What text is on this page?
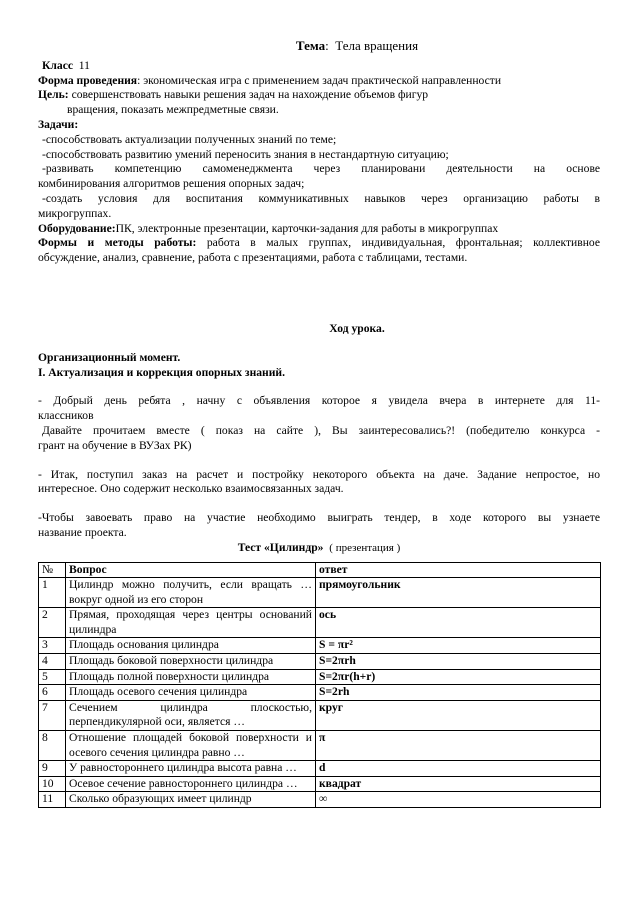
Тема: Тела вращения

Класс 11

Форма проведения: экономическая игра с применением задач практической направленности

Цель: совершенствовать навыки решения задач на нахождение объемов фигур

вращения, показать межпредметные связи.

Задачи:

-способствовать актуализации полученных знаний по теме;

-способствовать развитию умений переносить знания в нестандартную ситуацию;

-развивать компетенцию самоменеджмента через планировани деятельности на основе

комбинирования алгоритмов решения опорных задач;

-создать условия для воспитания коммуникативных навыков через организацию работы в

микрогруппах.

Оборудование:ПК, электронные презентации, карточки-задания для работы в микрогруппах

Формы и методы работы: работа в малых группах, индивидуальная, фронтальная; коллективное

обсуждение, анализ, сравнение, работа с презентациями, работа с таблицами, тестами.

Ход урока.

Организационный момент.

I. Актуализация и коррекция опорных знаний.

- Добрый день ребята , начну с объявления которое я увидела вчера в интернете для 11-

классников

Давайте прочитаем вместе ( показ на сайте ), Вы заинтересовались?! (победителю конкурса -

грант на обучение в ВУЗах РК)

- Итак, поступил заказ на расчет и постройку некоторого объекта на даче. Задание непростое, но

интересное. Оно содержит несколько взаимосвязанных задач.

-Чтобы завоевать право на участие необходимо выиграть тендер, в ходе которого вы узнаете

название проекта.

Тест «Цилиндр» ( презентация )

№	Вопрос	ответ
1	Цилиндр можно получить, если вращать … вокруг одной из его сторон	прямоугольник
2	Прямая, проходящая через центры оснований цилиндра	ось
3	Площадь основания цилиндра	S = πr²
4	Площадь боковой поверхности цилиндра	S=2πrh
5	Площадь полной поверхности цилиндра	S=2πr(h+r)
6	Площадь осевого сечения цилиндра	S=2rh
7	Сечением цилиндра плоскостью, перпендикулярной оси, является …	круг
8	Отношение площадей боковой поверхности и осевого сечения цилиндра равно …	π
9	У равностороннего цилиндра высота равна …	d
10	Осевое сечение равностороннего цилиндра …	квадрат
11	Сколько образующих имеет цилиндр	∞
